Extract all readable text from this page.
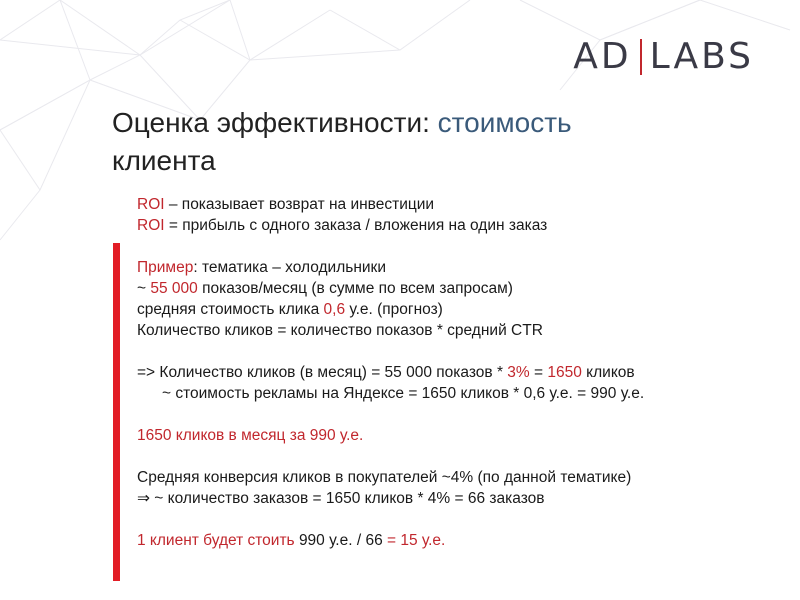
AD LABS
Оценка эффективности: стоимость
клиента
ROI – показывает возврат на инвестиции
ROI = прибыль с одного заказа / вложения на один заказ
Пример: тематика – холодильники
~ 55 000 показов/месяц (в сумме по всем запросам)
средняя стоимость клика 0,6 у.е. (прогноз)
Количество кликов = количество показов * средний CTR
=> Количество кликов (в месяц) = 55 000 показов * 3% = 1650 кликов
~ стоимость рекламы на Яндексе = 1650 кликов * 0,6 у.е. = 990 у.е.
1650 кликов в месяц за 990 у.е.
Средняя конверсия кликов в покупателей ~4% (по данной тематике)
⇒ ~ количество заказов = 1650 кликов * 4% = 66 заказов
1 клиент будет стоить 990 у.е. / 66 = 15 у.е.
